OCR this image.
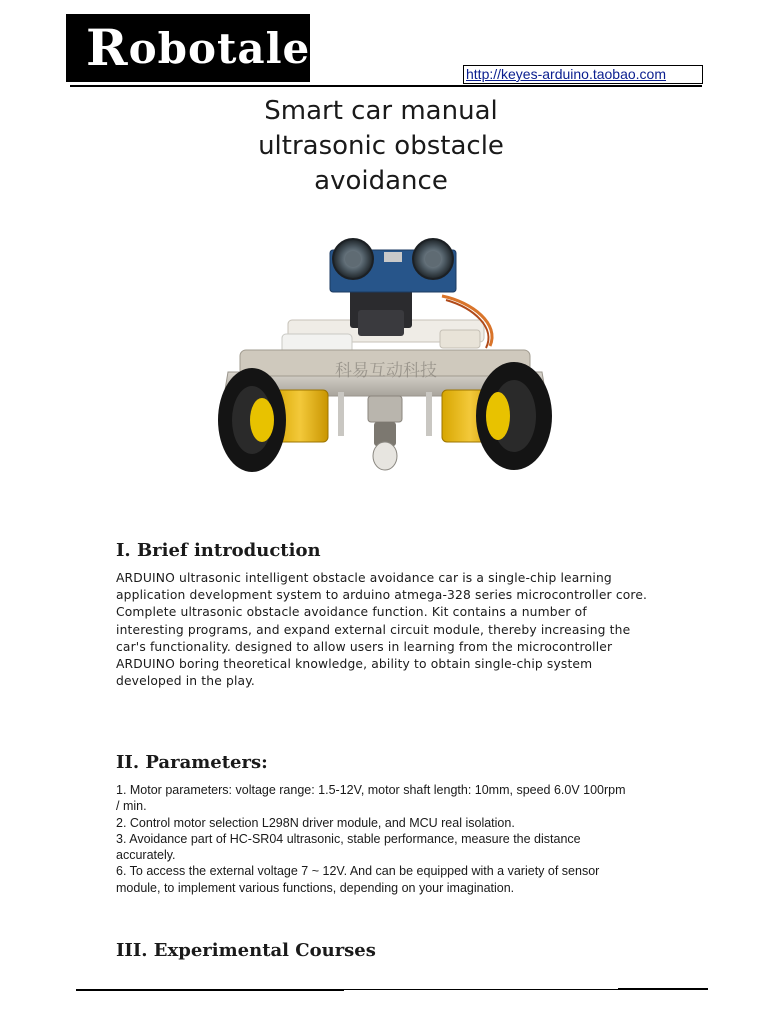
Robotale
http://keyes-arduino.taobao.com
Smart car manual
ultrasonic obstacle
avoidance
科易互动科技
I. Brief introduction

ARDUINO ultrasonic intelligent obstacle avoidance car is a single-chip learning application development system to arduino atmega-328 series microcontroller core. Complete ultrasonic obstacle avoidance function. Kit contains a number of interesting programs, and expand external circuit module, thereby increasing the car's functionality. designed to allow users in learning from the microcontroller ARDUINO boring theoretical knowledge, ability to obtain single-chip system developed in the play.

II. Parameters:
1. Motor parameters: voltage range: 1.5-12V, motor shaft length: 10mm, speed 6.0V 100rpm / min.
2. Control motor selection L298N driver module, and MCU real isolation.
3. Avoidance part of HC-SR04 ultrasonic, stable performance, measure the distance accurately.
6. To access the external voltage 7 ~ 12V. And can be equipped with a variety of sensor module, to implement various functions, depending on your imagination.
III. Experimental Courses
